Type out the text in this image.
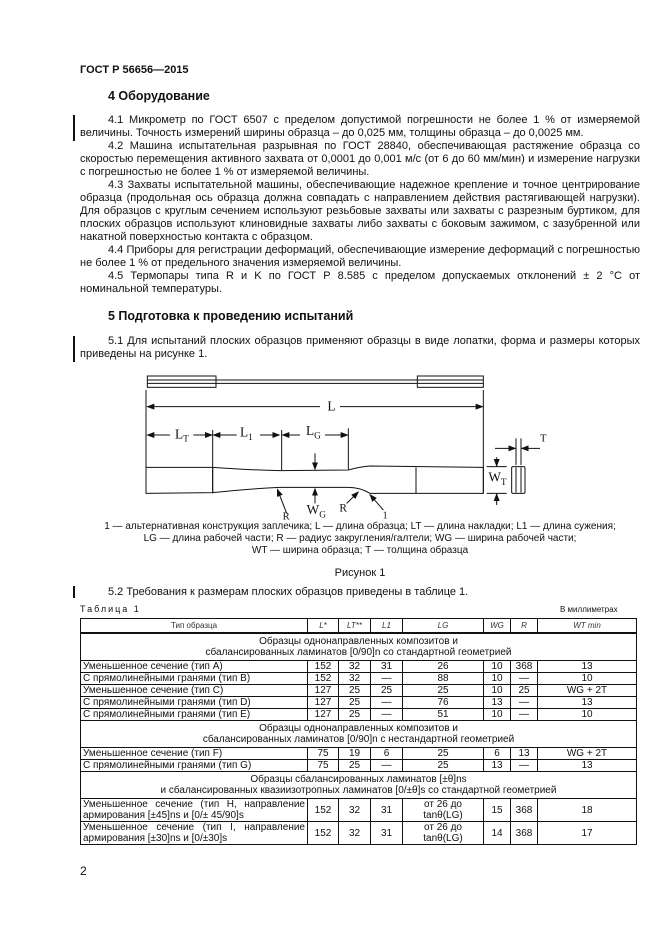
ГОСТ Р 56656—2015
4 Оборудование

4.1 Микрометр по ГОСТ 6507 с пределом допустимой погрешности не более 1 % от измеряемой величины. Точность измерений ширины образца – до 0,025 мм, толщины образца – до 0,0025 мм.

4.2 Машина испытательная разрывная по ГОСТ 28840, обеспечивающая растяжение образца со скоростью перемещения активного захвата от 0,0001 до 0,001 м/с (от 6 до 60 мм/мин) и измерение нагрузки с погрешностью не более 1 % от измеряемой величины.

4.3 Захваты испытательной машины, обеспечивающие надежное крепление и точное центрирование образца (продольная ось образца должна совпадать с направлением действия растягивающей нагрузки). Для образцов с круглым сечением используют резьбовые захваты или захваты с разрезным буртиком, для плоских образцов используют клиновидные захваты либо захваты с боковым зажимом, с зазубренной или накатной поверхностью контакта с образцом.

4.4 Приборы для регистрации деформаций, обеспечивающие измерение деформаций с погрешностью не более 1 % от предельного значения измеряемой величины.

4.5 Термопары типа R и K по ГОСТ Р 8.585 с пределом допускаемых отклонений ± 2 °С от номинальной температуры.

5 Подготовка к проведению испытаний

5.1 Для испытаний плоских образцов применяют образцы в виде лопатки, форма и размеры которых приведены на рисунке 1.

L
$L_T$ $L_1$ $L_G$
$W_T$
$W_G$
R
R
1
T
1 — альтернативная конструкция заплечика; L — длина образца; LT — длина накладки; L1 — длина сужения;
LG — длина рабочей части; R — радиус закругления/галтели; WG — ширина рабочей части;
WT — ширина образца; T — толщина образца
Рисунок 1

5.2 Требования к размерам плоских образцов приведены в таблице 1.

Таблица 1	В миллиметрах
Тип образца	L*	LT**	L1	LG	WG	R	WT min

Образцы однонаправленных композитов и
сбалансированных ламинатов [0/90]n со стандартной геометрией							

Уменьшенное сечение (тип А)	152	32	31	26	10	368	13
С прямолинейными гранями (тип В)	152	32	—	88	10	—	10
Уменьшенное сечение (тип С)	127	25	25	25	10	25	WG + 2T
С прямолинейными гранями (тип D)	127	25	—	76	13	—	13
С прямолинейными гранями (тип Е)	127	25	—	51	10	—	10

Образцы однонаправленных композитов и
сбалансированных ламинатов [0/90]n с нестандартной геометрией							

Уменьшенное сечение (тип F)	75	19	6	25	6	13	WG + 2T
С прямолинейными гранями (тип G)	75	25	—	25	13	—	13

Образцы сбалансированных ламинатов [±θ]ns
и сбалансированных квазиизотропных ламинатов [0/±θ]s со стандартной геометрией							

Уменьшенное сечение (тип H, направление армирования [±45]ns и [0/± 45/90]s	152	32	31	от 26 до tanθ(LG)	15	368	18
Уменьшенное сечение (тип I, направление армирования [±30]ns и [0/±30]s	152	32	31	от 26 до tanθ(LG)	14	368	17
2
